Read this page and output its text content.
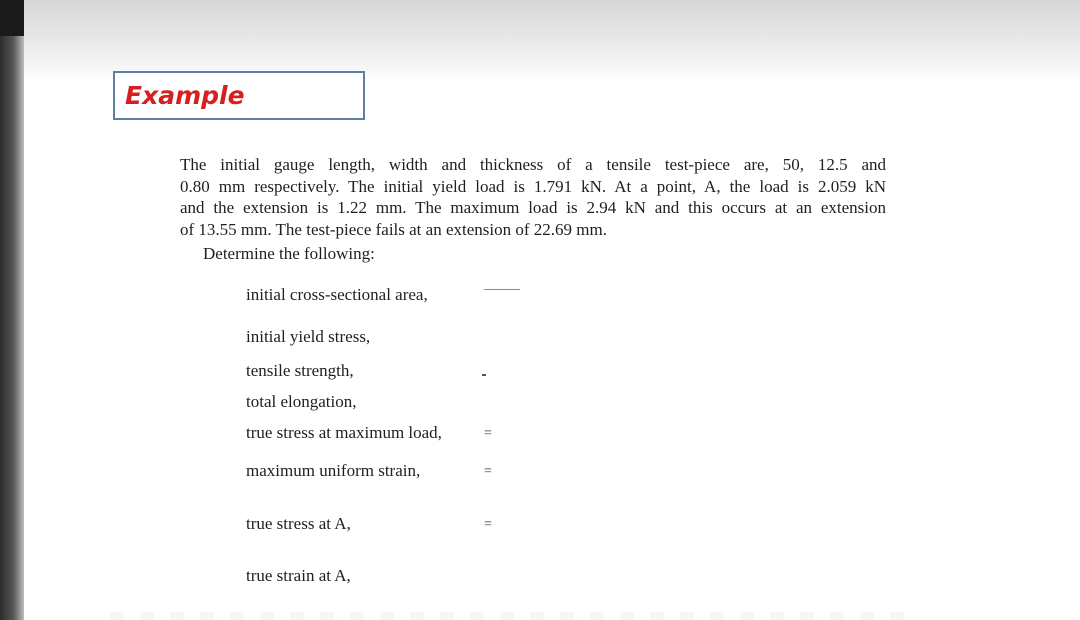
Example
The initial gauge length, width and thickness of a tensile test-piece are, 50, 12.5 and
0.80 mm respectively. The initial yield load is 1.791 kN. At a point, A, the load is 2.059 kN
and the extension is 1.22 mm. The maximum load is 2.94 kN and this occurs at an extension
of 13.55 mm. The test-piece fails at an extension of 22.69 mm.
Determine the following:
initial cross-sectional area,
initial yield stress,
tensile strength,
total elongation,
true stress at maximum load,	=
maximum uniform strain,	=
true stress at A,	=
true strain at A,
